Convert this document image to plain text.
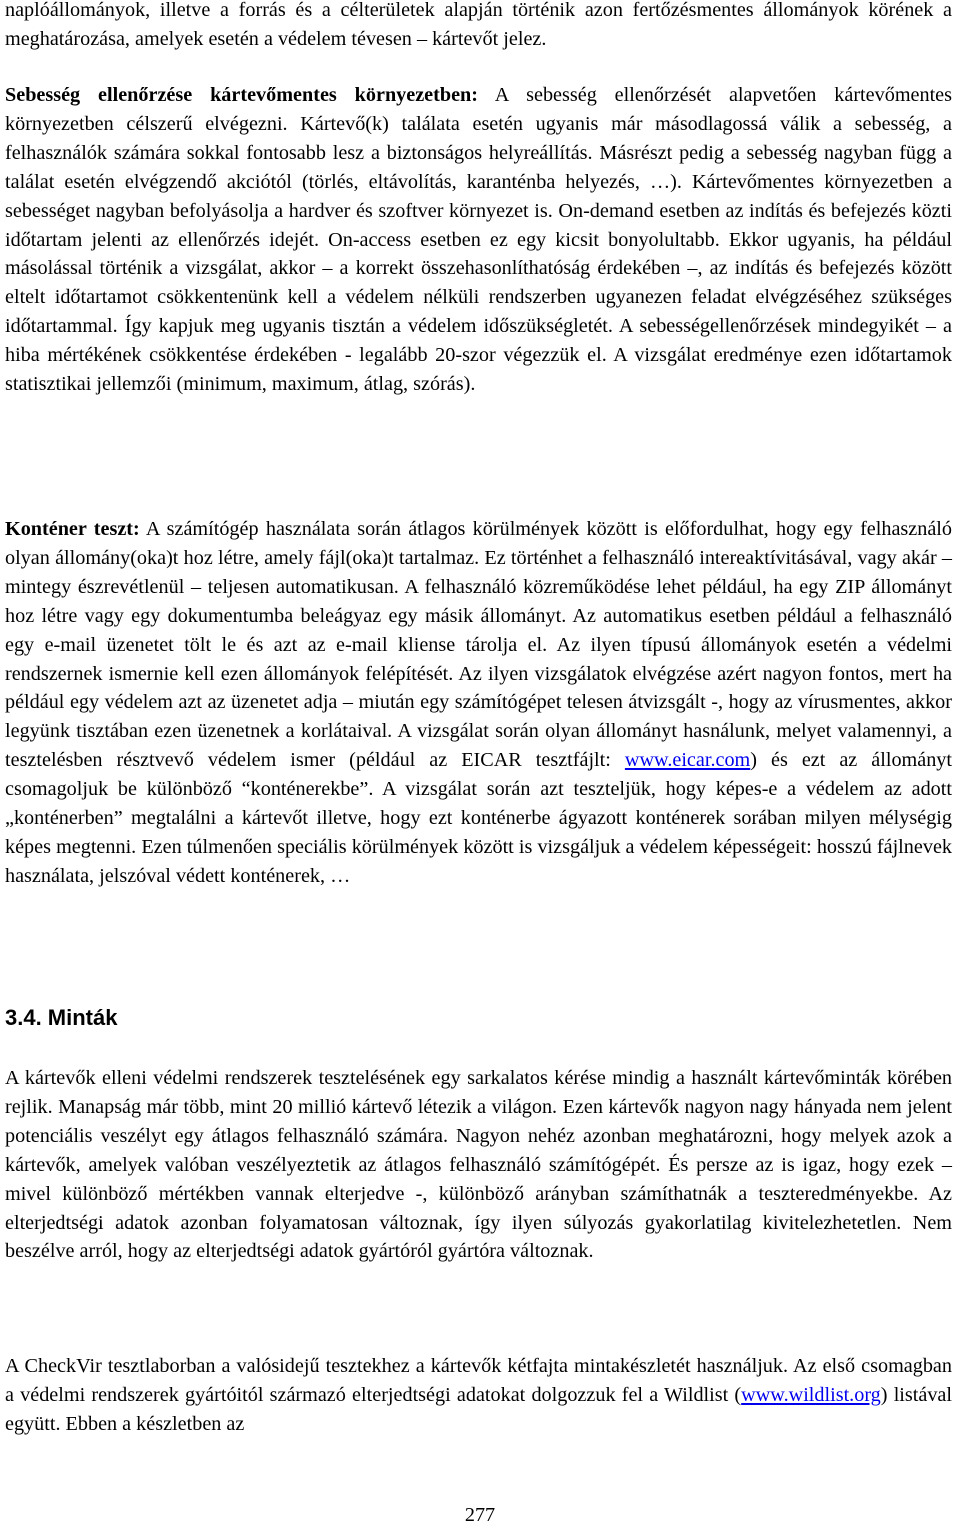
naplóállományok, illetve a forrás és a célterületek alapján történik azon fertőzésmentes állományok körének a meghatározása, amelyek esetén a védelem tévesen – kártevőt jelez.

Sebesség ellenőrzése kártevőmentes környezetben: A sebesség ellenőrzését alapvetően kártevőmentes környezetben célszerű elvégezni. Kártevő(k) találata esetén ugyanis már másodlagossá válik a sebesség, a felhasználók számára sokkal fontosabb lesz a biztonságos helyreállítás. Másrészt pedig a sebesség nagyban függ a találat esetén elvégzendő akciótól (törlés, eltávolítás, karanténba helyezés, …). Kártevőmentes környezetben a sebességet nagyban befolyásolja a hardver és szoftver környezet is. On-demand esetben az indítás és befejezés közti időtartam jelenti az ellenőrzés idejét. On-access esetben ez egy kicsit bonyolultabb. Ekkor ugyanis, ha például másolással történik a vizsgálat, akkor – a korrekt összehasonlíthatóság érdekében –, az indítás és befejezés között eltelt időtartamot csökkentenünk kell a védelem nélküli rendszerben ugyanezen feladat elvégzéséhez szükséges időtartammal. Így kapjuk meg ugyanis tisztán a védelem időszükségletét. A sebességellenőrzések mindegyikét – a hiba mértékének csökkentése érdekében - legalább 20-szor végezzük el. A vizsgálat eredménye ezen időtartamok statisztikai jellemzői (minimum, maximum, átlag, szórás).

Konténer teszt: A számítógép használata során átlagos körülmények között is előfordulhat, hogy egy felhasználó olyan állomány(oka)t hoz létre, amely fájl(oka)t tartalmaz. Ez történhet a felhasználó intereaktívitásával, vagy akár – mintegy észrevétlenül – teljesen automatikusan. A felhasználó közreműködése lehet például, ha egy ZIP állományt hoz létre vagy egy dokumentumba beleágyaz egy másik állományt. Az automatikus esetben például a felhasználó egy e-mail üzenetet tölt le és azt az e-mail kliense tárolja el. Az ilyen típusú állományok esetén a védelmi rendszernek ismernie kell ezen állományok felépítését. Az ilyen vizsgálatok elvégzése azért nagyon fontos, mert ha például egy védelem azt az üzenetet adja – miután egy számítógépet telesen átvizsgált -, hogy az vírusmentes, akkor legyünk tisztában ezen üzenetnek a korlátaival. A vizsgálat során olyan állományt hasnálunk, melyet valamennyi, a tesztelésben résztvevő védelem ismer (például az EICAR tesztfájlt: www.eicar.com) és ezt az állományt csomagoljuk be különböző “konténerekbe”. A vizsgálat során azt teszteljük, hogy képes-e a védelem az adott „konténerben” megtalálni a kártevőt illetve, hogy ezt konténerbe ágyazott konténerek sorában milyen mélységig képes megtenni. Ezen túlmenően speciális körülmények között is vizsgáljuk a védelem képességeit: hosszú fájlnevek használata, jelszóval védett konténerek, …

3.4. Minták

A kártevők elleni védelmi rendszerek tesztelésének egy sarkalatos kérése mindig a használt kártevőminták körében rejlik. Manapság már több, mint 20 millió kártevő létezik a világon. Ezen kártevők nagyon nagy hányada nem jelent potenciális veszélyt egy átlagos felhasználó számára. Nagyon nehéz azonban meghatározni, hogy melyek azok a kártevők, amelyek valóban veszélyeztetik az átlagos felhasználó számítógépét. És persze az is igaz, hogy ezek – mivel különböző mértékben vannak elterjedve -, különböző arányban számíthatnák a teszteredményekbe. Az elterjedtségi adatok azonban folyamatosan változnak, így ilyen súlyozás gyakorlatilag kivitelezhetetlen. Nem beszélve arról, hogy az elterjedtségi adatok gyártóról gyártóra változnak.

A CheckVir tesztlaborban a valósidejű tesztekhez a kártevők kétfajta mintakészletét használjuk. Az első csomagban a védelmi rendszerek gyártóitól származó elterjedtségi adatokat dolgozzuk fel a Wildlist (www.wildlist.org) listával együtt. Ebben a készletben az

277
